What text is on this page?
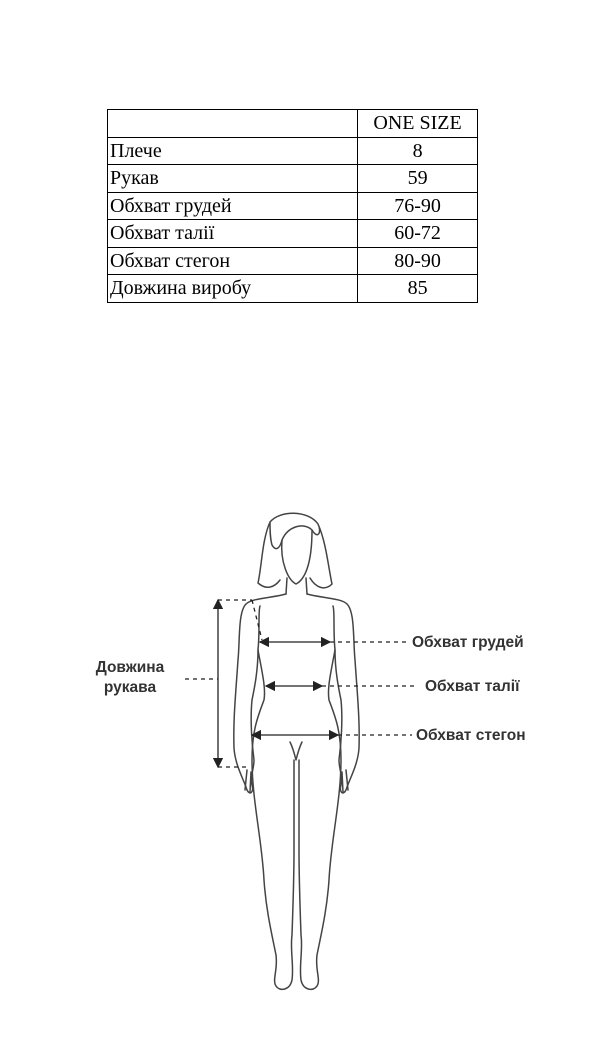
	ONE SIZE
Плече	8
Рукав	59
Обхват грудей	76-90
Обхват талії	60-72
Обхват стегон	80-90
Довжина виробу	85
Довжина
рукава
Обхват грудей
Обхват талії
Обхват стегон
